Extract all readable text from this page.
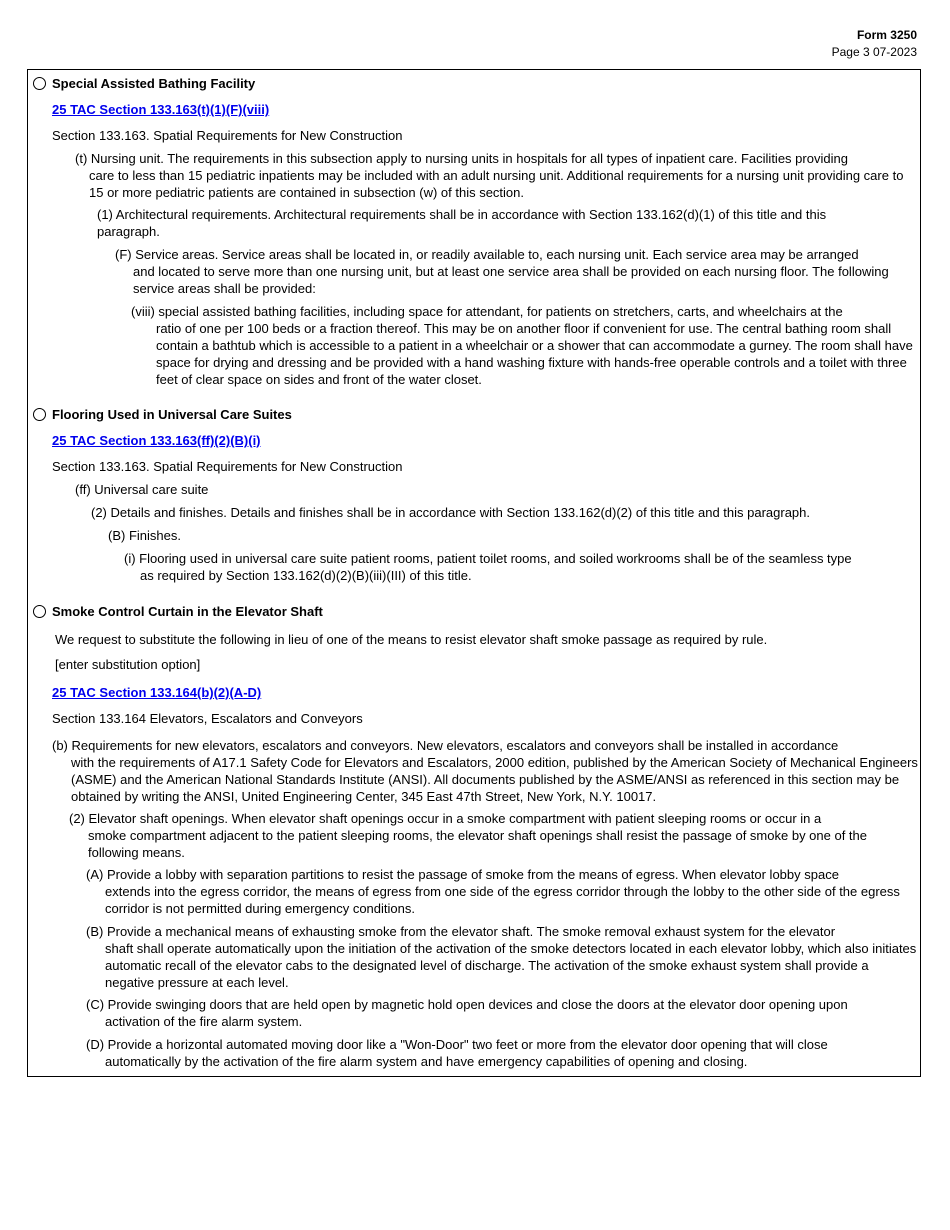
Form 3250
Page 3 07-2023
Special Assisted Bathing Facility
25 TAC Section 133.163(t)(1)(F)(viii)
Section 133.163. Spatial Requirements for New Construction
(t) Nursing unit. The requirements in this subsection apply to nursing units in hospitals for all types of inpatient care. Facilities providing
care to less than 15 pediatric inpatients may be included with an adult nursing unit. Additional requirements for a nursing unit providing care to 15 or more pediatric patients are contained in subsection (w) of this section.
(1) Architectural requirements. Architectural requirements shall be in accordance with Section 133.162(d)(1) of this title and this
paragraph.
(F) Service areas. Service areas shall be located in, or readily available to, each nursing unit. Each service area may be arranged
and located to serve more than one nursing unit, but at least one service area shall be provided on each nursing floor. The following service areas shall be provided:
(viii) special assisted bathing facilities, including space for attendant, for patients on stretchers, carts, and wheelchairs at the
ratio of one per 100 beds or a fraction thereof. This may be on another floor if convenient for use. The central bathing room shall contain a bathtub which is accessible to a patient in a wheelchair or a shower that can accommodate a gurney. The room shall have space for drying and dressing and be provided with a hand washing fixture with hands-free operable controls and a toilet with three feet of clear space on sides and front of the water closet.
Flooring Used in Universal Care Suites
25 TAC Section 133.163(ff)(2)(B)(i)
Section 133.163. Spatial Requirements for New Construction
(ff) Universal care suite
(2) Details and finishes. Details and finishes shall be in accordance with Section 133.162(d)(2) of this title and this paragraph.
(B) Finishes.
(i) Flooring used in universal care suite patient rooms, patient toilet rooms, and soiled workrooms shall be of the seamless type
as required by Section 133.162(d)(2)(B)(iii)(III) of this title.
Smoke Control Curtain in the Elevator Shaft
We request to substitute the following in lieu of one of the means to resist elevator shaft smoke passage as required by rule.
[enter substitution option]
25 TAC Section 133.164(b)(2)(A-D)
Section 133.164 Elevators, Escalators and Conveyors
(b) Requirements for new elevators, escalators and conveyors. New elevators, escalators and conveyors shall be installed in accordance
with the requirements of A17.1 Safety Code for Elevators and Escalators, 2000 edition, published by the American Society of Mechanical Engineers (ASME) and the American National Standards Institute (ANSI). All documents published by the ASME/ANSI as referenced in this section may be obtained by writing the ANSI, United Engineering Center, 345 East 47th Street, New York, N.Y. 10017.
(2) Elevator shaft openings. When elevator shaft openings occur in a smoke compartment with patient sleeping rooms or occur in a
smoke compartment adjacent to the patient sleeping rooms, the elevator shaft openings shall resist the passage of smoke by one of the following means.
(A) Provide a lobby with separation partitions to resist the passage of smoke from the means of egress. When elevator lobby space
extends into the egress corridor, the means of egress from one side of the egress corridor through the lobby to the other side of the egress corridor is not permitted during emergency conditions.
(B) Provide a mechanical means of exhausting smoke from the elevator shaft. The smoke removal exhaust system for the elevator
shaft shall operate automatically upon the initiation of the activation of the smoke detectors located in each elevator lobby, which also initiates automatic recall of the elevator cabs to the designated level of discharge. The activation of the smoke exhaust system shall provide a negative pressure at each level.
(C) Provide swinging doors that are held open by magnetic hold open devices and close the doors at the elevator door opening upon
activation of the fire alarm system.
(D) Provide a horizontal automated moving door like a "Won-Door" two feet or more from the elevator door opening that will close
automatically by the activation of the fire alarm system and have emergency capabilities of opening and closing.
